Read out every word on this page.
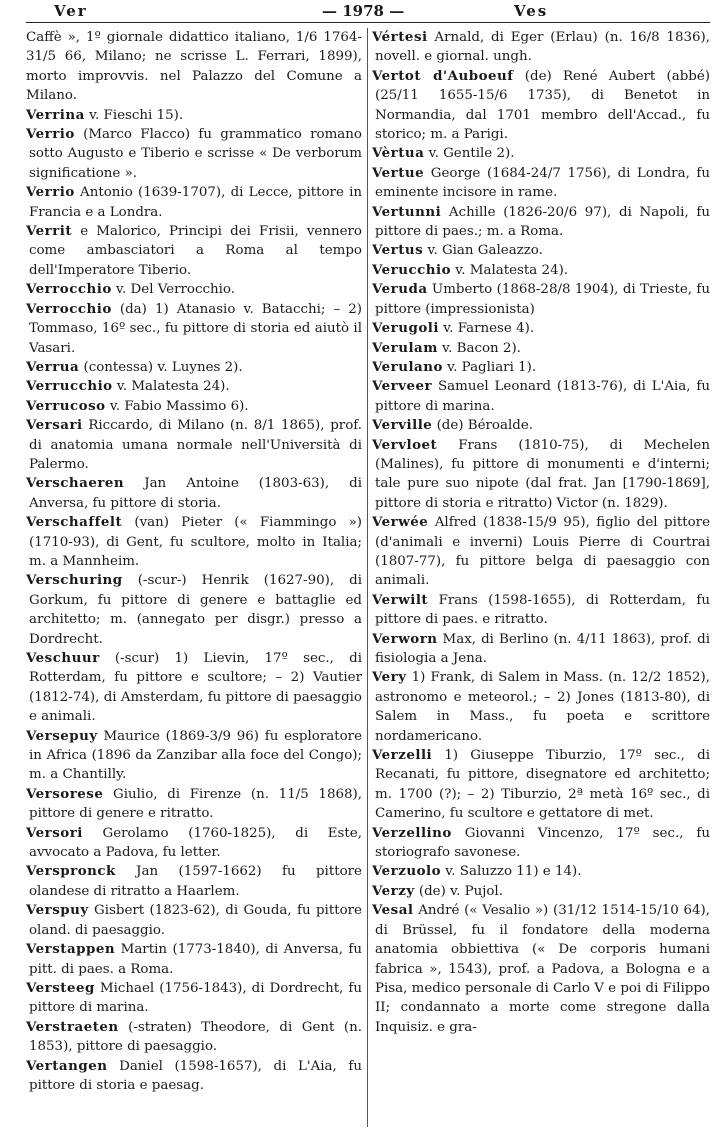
Ver	— 1978 —	Ves

Caffè », 1º giornale didattico italiano, 1/6 1764-31/5 66, Milano; ne scrisse L. Ferrari, 1899), morto improvvis. nel Palazzo del Comune a Milano.

Verrina v. Fieschi 15).

Verrio (Marco Flacco) fu grammatico romano sotto Augusto e Tiberio e scrisse « De verborum significatione ».

Verrio Antonio (1639-1707), di Lecce, pittore in Francia e a Londra.

Verrit e Malorico, Principi dei Frisii, vennero come ambasciatori a Roma al tempo dell'Imperatore Tiberio.

Verrocchio v. Del Verrocchio.

Verrocchio (da) 1) Atanasio v. Batacchi; – 2) Tommaso, 16º sec., fu pittore di storia ed aiutò il Vasari.

Verrua (contessa) v. Luynes 2).

Verrucchio v. Malatesta 24).

Verrucoso v. Fabio Massimo 6).

Versari Riccardo, di Milano (n. 8/1 1865), prof. di anatomia umana normale nell'Università di Palermo.

Verschaeren Jan Antoine (1803-63), di Anversa, fu pittore di storia.

Verschaffelt (van) Pieter (« Fiammingo ») (1710-93), di Gent, fu scultore, molto in Italia; m. a Mannheim.

Verschuring (-scur-) Henrik (1627-90), di Gorkum, fu pittore di genere e battaglie ed architetto; m. (annegato per disgr.) presso a Dordrecht.

Veschuur (-scur) 1) Lievin, 17º sec., di Rotterdam, fu pittore e scultore; – 2) Vautier (1812-74), di Amsterdam, fu pittore di paesaggio e animali.

Versepuy Maurice (1869-3/9 96) fu esploratore in Africa (1896 da Zanzibar alla foce del Congo); m. a Chantilly.

Versorese Giulio, di Firenze (n. 11/5 1868), pittore di genere e ritratto.

Versori Gerolamo (1760-1825), di Este, avvocato a Padova, fu letter.

Verspronck Jan (1597-1662) fu pittore olandese di ritratto a Haarlem.

Verspuy Gisbert (1823-62), di Gouda, fu pittore oland. di paesaggio.

Verstappen Martin (1773-1840), di Anversa, fu pitt. di paes. a Roma.

Versteeg Michael (1756-1843), di Dordrecht, fu pittore di marina.

Verstraeten (-straten) Theodore, di Gent (n. 1853), pittore di paesaggio.

Vertangen Daniel (1598-1657), di L'Aia, fu pittore di storia e paesag.

Vértesi Arnald, di Eger (Erlau) (n. 16/8 1836), novell. e giornal. ungh.

Vertot d'Auboeuf (de) René Aubert (abbé) (25/11 1655-15/6 1735), di Benetot in Normandia, dal 1701 membro dell'Accad., fu storico; m. a Parigi.

Vèrtua v. Gentile 2).

Vertue George (1684-24/7 1756), di Londra, fu eminente incisore in rame.

Vertunni Achille (1826-20/6 97), di Napoli, fu pittore di paes.; m. a Roma.

Vertus v. Gian Galeazzo.

Verucchio v. Malatesta 24).

Veruda Umberto (1868-28/8 1904), di Trieste, fu pittore (impressionista)

Verugoli v. Farnese 4).

Verulam v. Bacon 2).

Verulano v. Pagliari 1).

Verveer Samuel Leonard (1813-76), di L'Aia, fu pittore di marina.

Verville (de) Béroalde.

Vervloet Frans (1810-75), di Mechelen (Malines), fu pittore di monumenti e d'interni; tale pure suo nipote (dal frat. Jan [1790-1869], pittore di storia e ritratto) Victor (n. 1829).

Verwée Alfred (1838-15/9 95), figlio del pittore (d'animali e inverni) Louis Pierre di Courtrai (1807-77), fu pittore belga di paesaggio con animali.

Verwilt Frans (1598-1655), di Rotterdam, fu pittore di paes. e ritratto.

Verworn Max, di Berlino (n. 4/11 1863), prof. di fisiologia a Jena.

Very 1) Frank, di Salem in Mass. (n. 12/2 1852), astronomo e meteorol.; – 2) Jones (1813-80), di Salem in Mass., fu poeta e scrittore nordamericano.

Verzelli 1) Giuseppe Tiburzio, 17º sec., di Recanati, fu pittore, disegnatore ed architetto; m. 1700 (?); – 2) Tiburzio, 2ª metà 16º sec., di Camerino, fu scultore e gettatore di met.

Verzellino Giovanni Vincenzo, 17º sec., fu storiografo savonese.

Verzuolo v. Saluzzo 11) e 14).

Verzy (de) v. Pujol.

Vesal André (« Vesalio ») (31/12 1514-15/10 64), di Brüssel, fu il fondatore della moderna anatomia obbiettiva (« De corporis humani fabrica », 1543), prof. a Padova, a Bologna e a Pisa, medico personale di Carlo V e poi di Filippo II; condannato a morte come stregone dalla Inquisiz. e gra-
